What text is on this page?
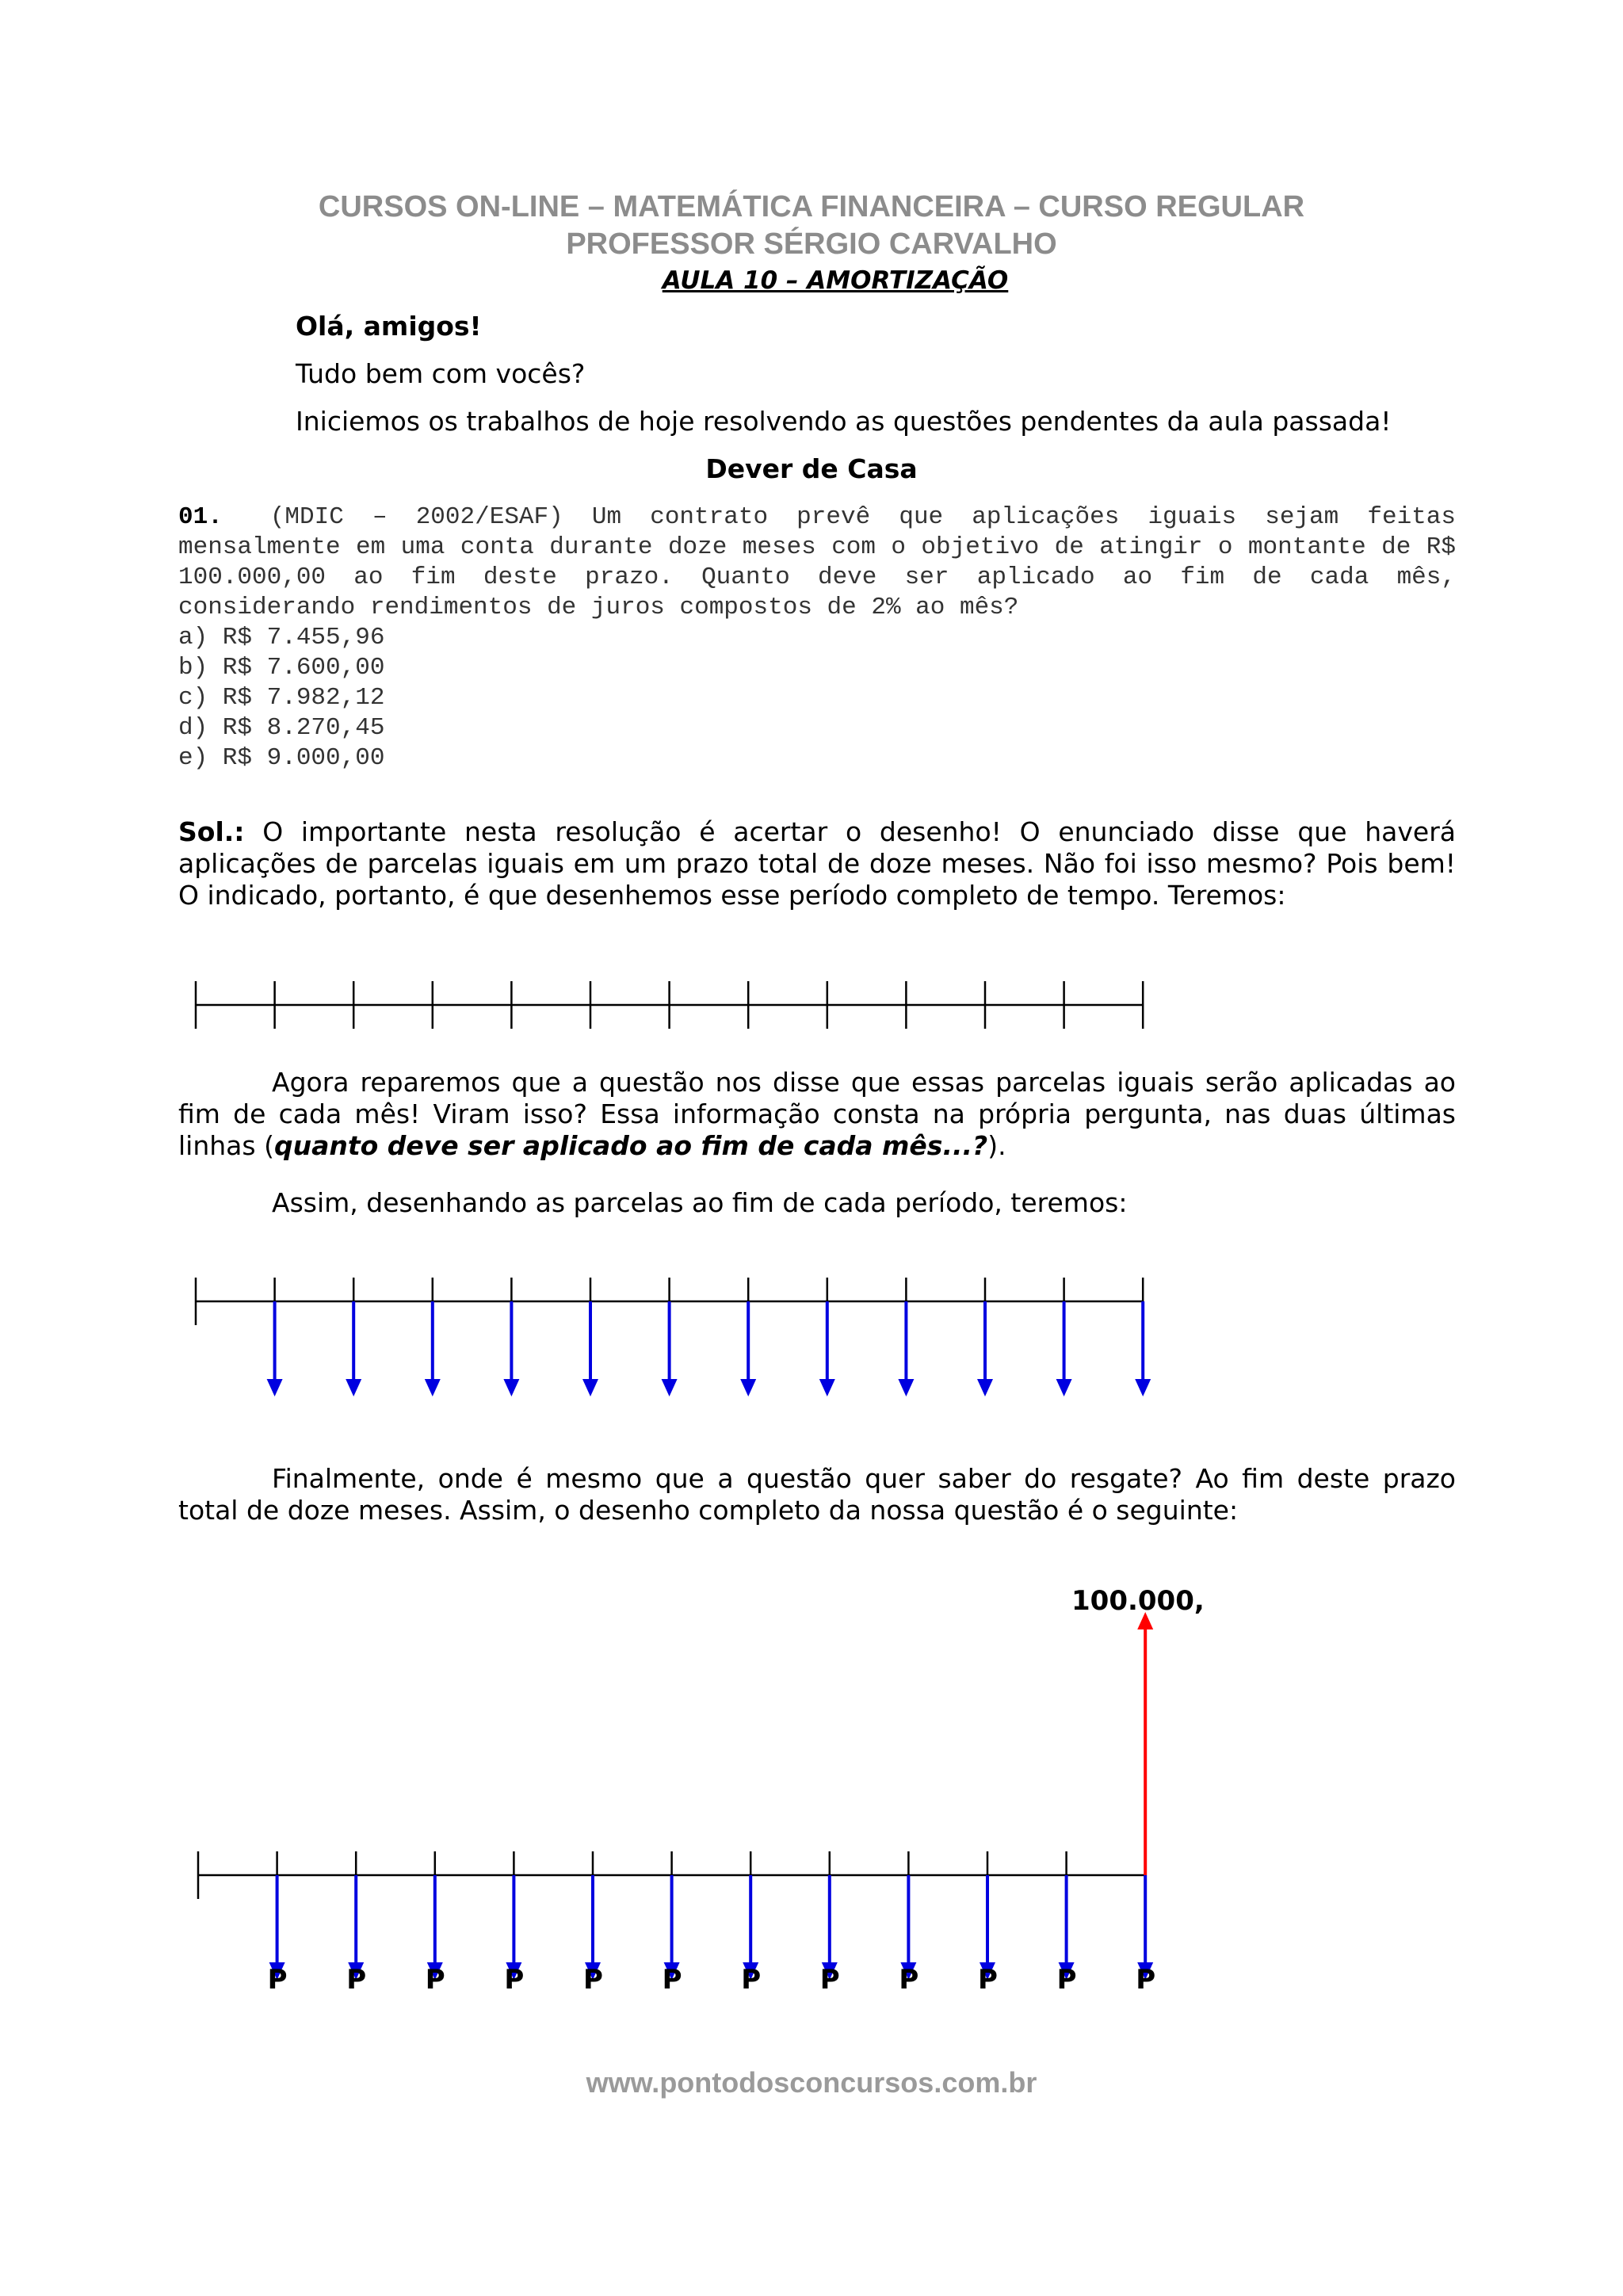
CURSOS ON-LINE – MATEMÁTICA FINANCEIRA – CURSO REGULAR
PROFESSOR SÉRGIO CARVALHO
AULA 10 – AMORTIZAÇÃO
Olá, amigos!
Tudo bem com vocês?
Iniciemos os trabalhos de hoje resolvendo as questões pendentes da aula passada!
Dever de Casa
01. (MDIC – 2002/ESAF) Um contrato prevê que aplicações iguais sejam feitas mensalmente em uma conta durante doze meses com o objetivo de atingir o montante de R$ 100.000,00 ao fim deste prazo. Quanto deve ser aplicado ao fim de cada mês, considerando rendimentos de juros compostos de 2% ao mês?
a) R$ 7.455,96
b) R$ 7.600,00
c) R$ 7.982,12
d) R$ 8.270,45
e) R$ 9.000,00
Sol.: O importante nesta resolução é acertar o desenho! O enunciado disse que haverá aplicações de parcelas iguais em um prazo total de doze meses. Não foi isso mesmo? Pois bem! O indicado, portanto, é que desenhemos esse período completo de tempo. Teremos:
Agora reparemos que a questão nos disse que essas parcelas iguais serão aplicadas ao fim de cada mês! Viram isso? Essa informação consta na própria pergunta, nas duas últimas linhas (quanto deve ser aplicado ao fim de cada mês...?).
Assim, desenhando as parcelas ao fim de cada período, teremos:
Finalmente, onde é mesmo que a questão quer saber do resgate? Ao fim deste prazo total de doze meses. Assim, o desenho completo da nossa questão é o seguinte:
100.000,
P P P P P P P P P P P P
www.pontodosconcursos.com.br
